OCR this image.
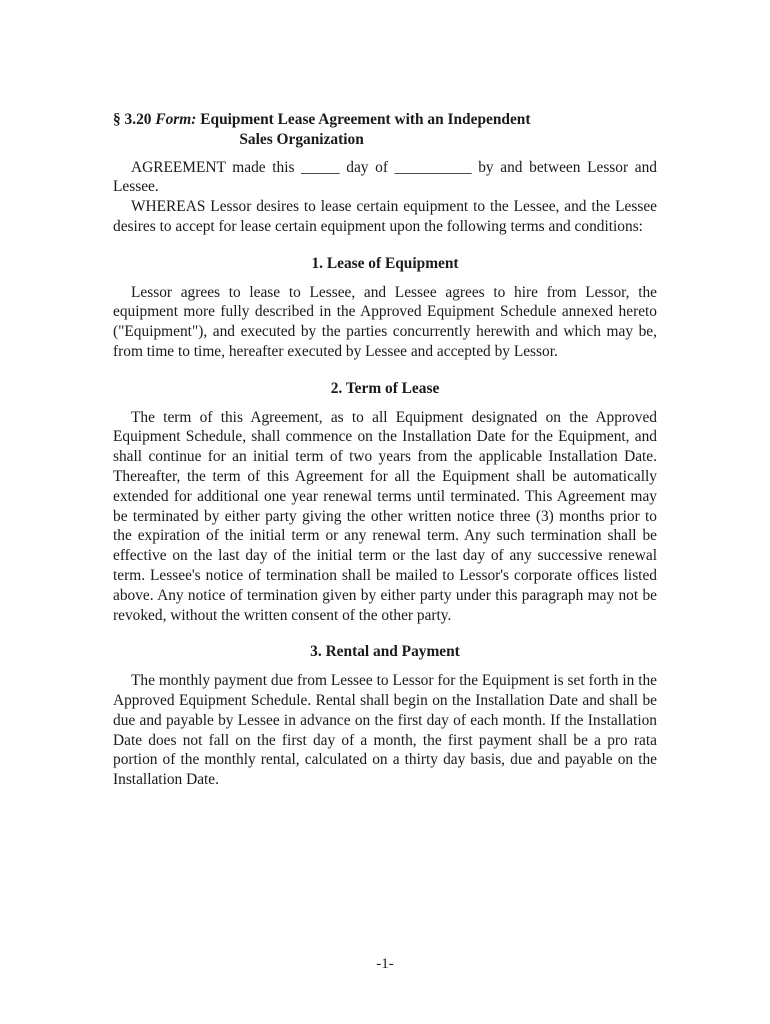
§ 3.20
Form: Equipment Lease Agreement with an Independent
Sales Organization

AGREEMENT made this _____ day of __________ by and between Lessor and Lessee.

WHEREAS Lessor desires to lease certain equipment to the Lessee, and the Lessee desires to accept for lease certain equipment upon the following terms and conditions:

1. Lease of Equipment

Lessor agrees to lease to Lessee, and Lessee agrees to hire from Lessor, the equipment more fully described in the Approved Equipment Schedule annexed hereto ("Equipment"), and executed by the parties concurrently herewith and which may be, from time to time, hereafter executed by Lessee and accepted by Lessor.

2. Term of Lease

The term of this Agreement, as to all Equipment designated on the Approved Equipment Schedule, shall commence on the Installation Date for the Equipment, and shall continue for an initial term of two years from the applicable Installation Date. Thereafter, the term of this Agreement for all the Equipment shall be automatically extended for additional one year renewal terms until terminated. This Agreement may be terminated by either party giving the other written notice three (3) months prior to the expiration of the initial term or any renewal term. Any such termination shall be effective on the last day of the initial term or the last day of any successive renewal term. Lessee's notice of termination shall be mailed to Lessor's corporate offices listed above. Any notice of termination given by either party under this paragraph may not be revoked, without the written consent of the other party.

3. Rental and Payment

The monthly payment due from Lessee to Lessor for the Equipment is set forth in the Approved Equipment Schedule. Rental shall begin on the Installation Date and shall be due and payable by Lessee in advance on the first day of each month. If the Installation Date does not fall on the first day of a month, the first payment shall be a pro rata portion of the monthly rental, calculated on a thirty day basis, due and payable on the Installation Date.

-1-
